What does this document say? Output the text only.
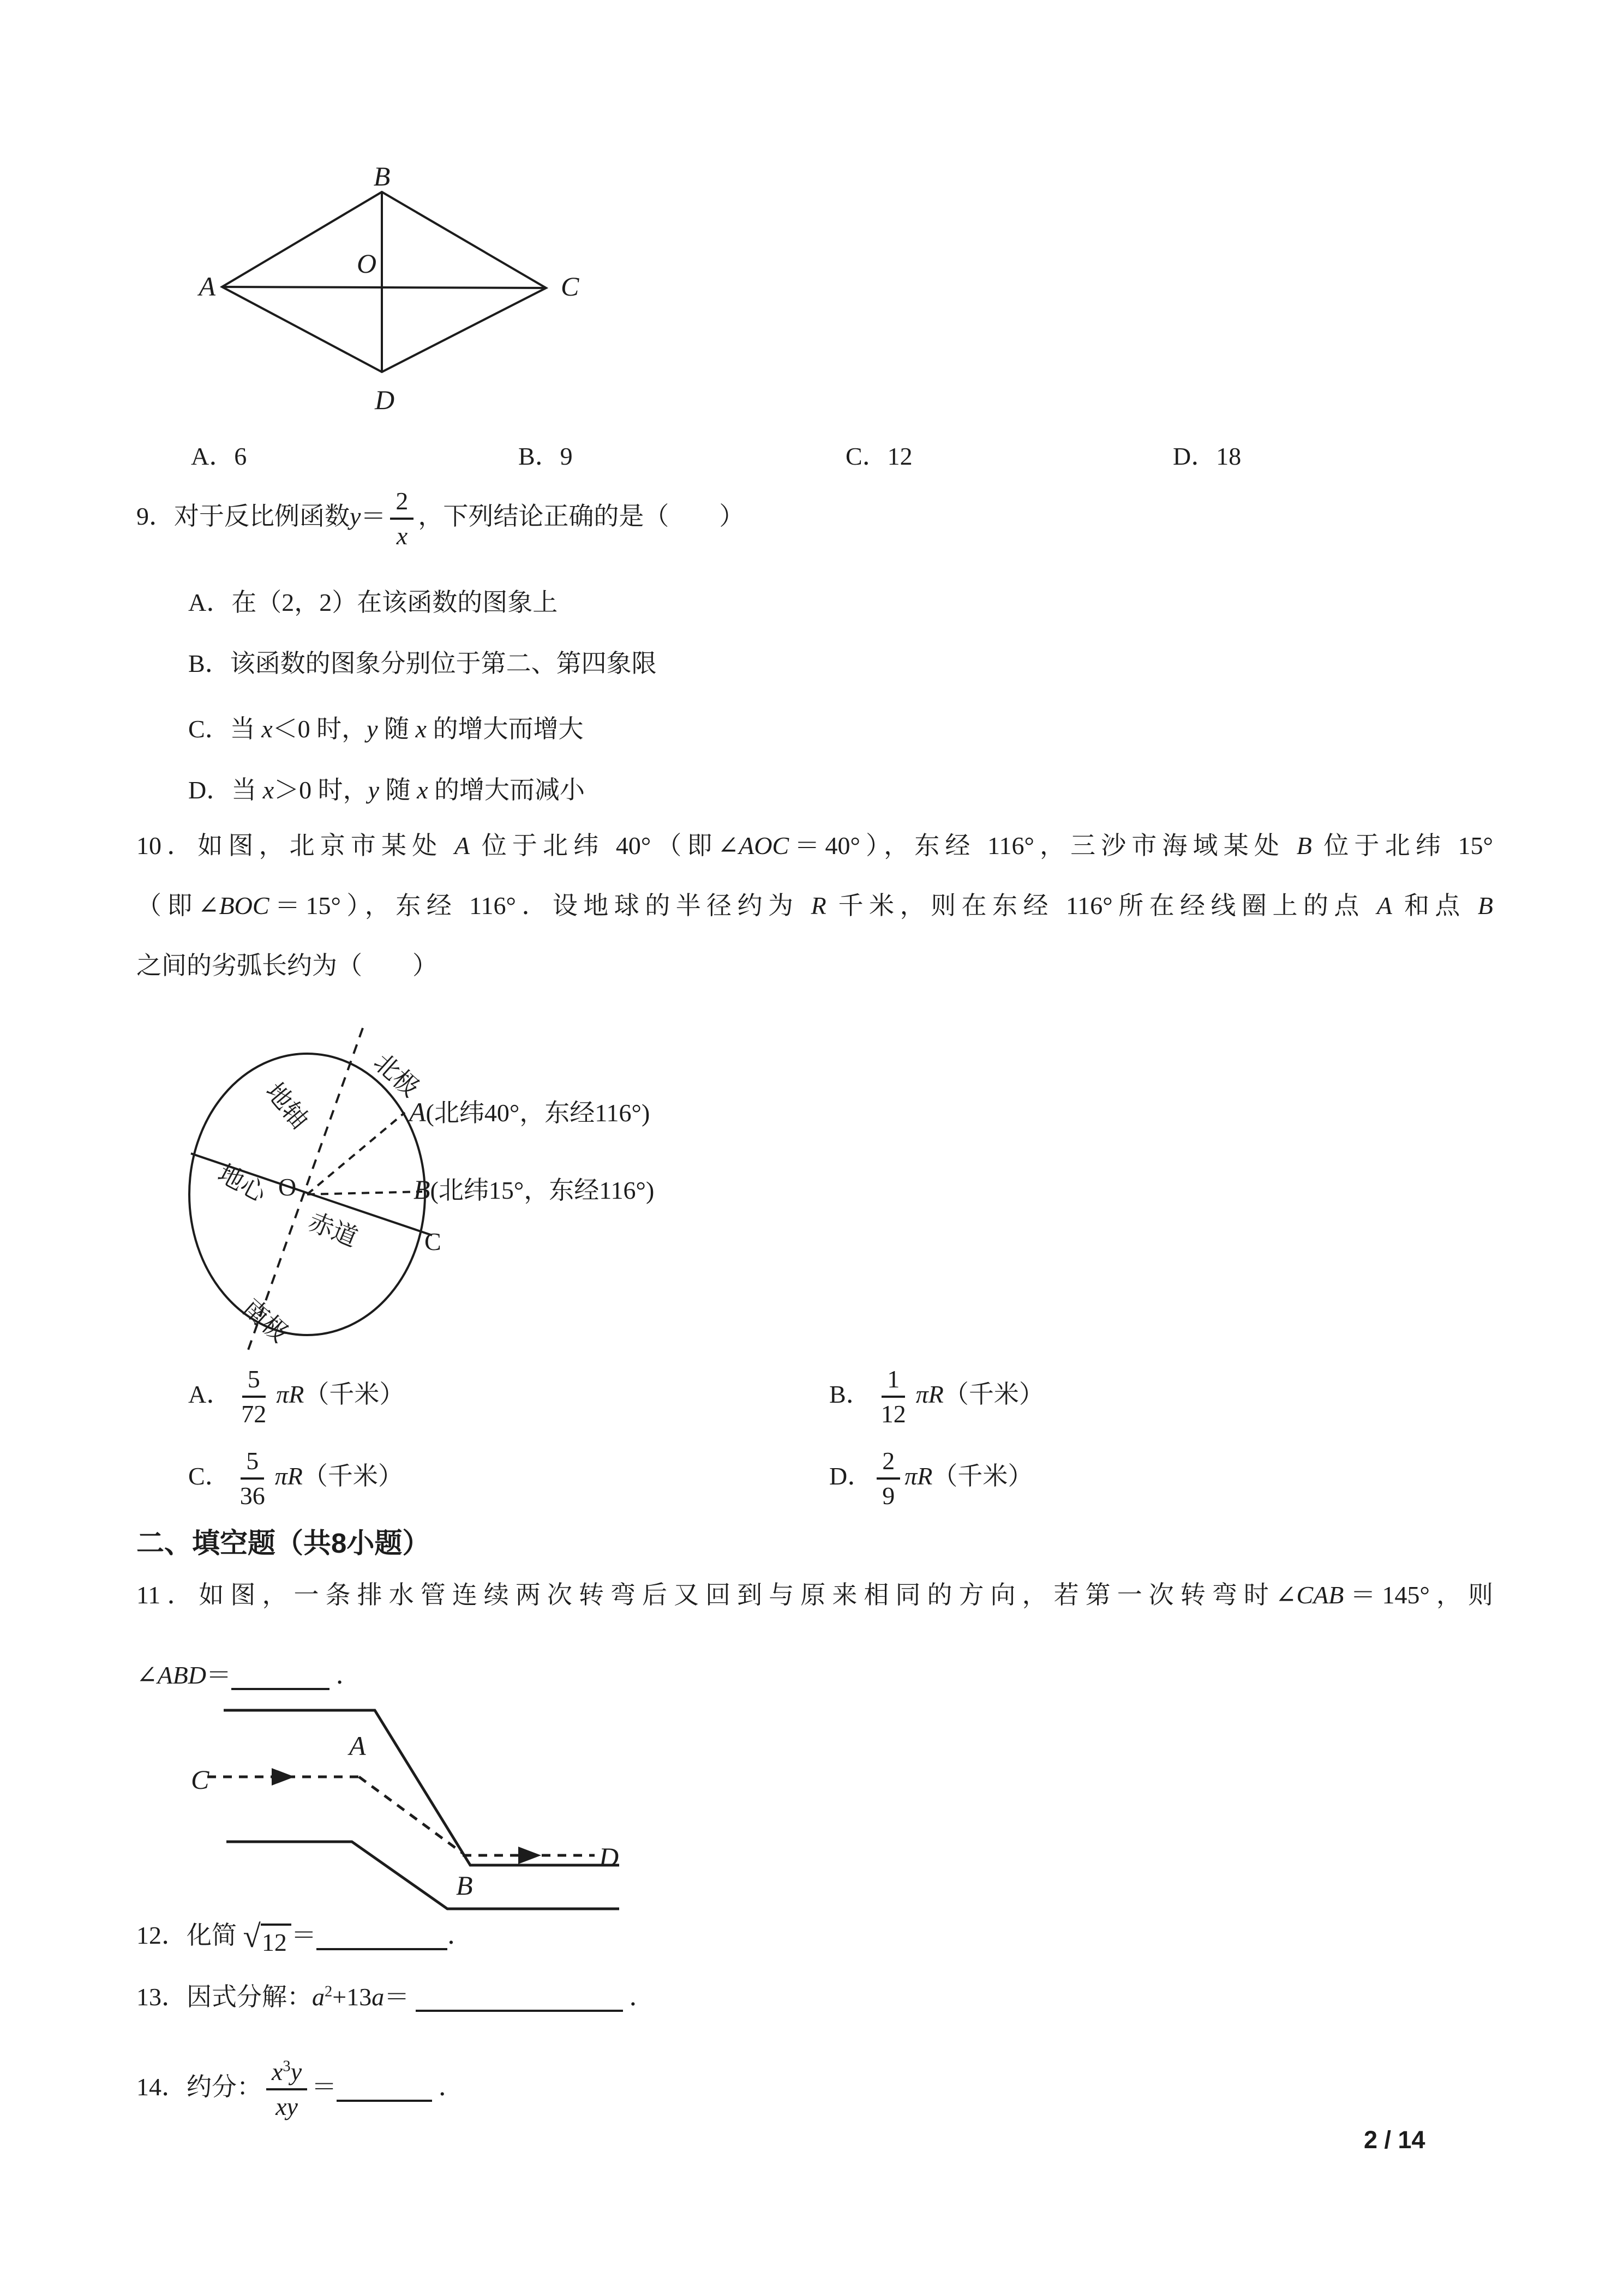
B
A	C
D
O
A．6	B．9	C．12	D．18
9．对于反比例函数$y= \frac{2}{x}$ ，下列结论正确的是（　　）
A．在（2，2）在该函数的图象上
B．该函数的图象分别位于第二、第四象限
C．当 x＜0 时，y 随 x 的增大而增大
D．当 x＞0 时，y 随 x 的增大而减小
10．如图，北京市某处 A 位于北纬 40°（即∠AOC＝40°），东经 116°，三沙市海域某处 B 位于北纬 15°
（即∠BOC＝15°），东经 116°．设地球的半径约为 R 千米，则在东经 116°所在经线圈上的点 A 和点 B
之间的劣弧长约为（　　）
北极
南极
地轴
地心 O
赤道
A(北纬40°，东经116°)
B(北纬15°，东经116°)
C
A． $\frac{5}{72} \pi R$（千米）	B． $\frac{1}{12} \pi R$（千米）
C． $\frac{5}{36} \pi R$（千米）	D． $\frac{2}{9} \pi R$（千米）
二、填空题（共8小题）
11．如图，一条排水管连续两次转弯后又回到与原来相同的方向，若第一次转弯时∠CAB＝145°，则
∠ABD＝	．
C
A
B
D
12．化简 √ 12 ＝	．
13．因式分解：$a^2+13a=$	．
14．约分： $\frac{x^3y}{xy}$ ＝	．
2 / 14
